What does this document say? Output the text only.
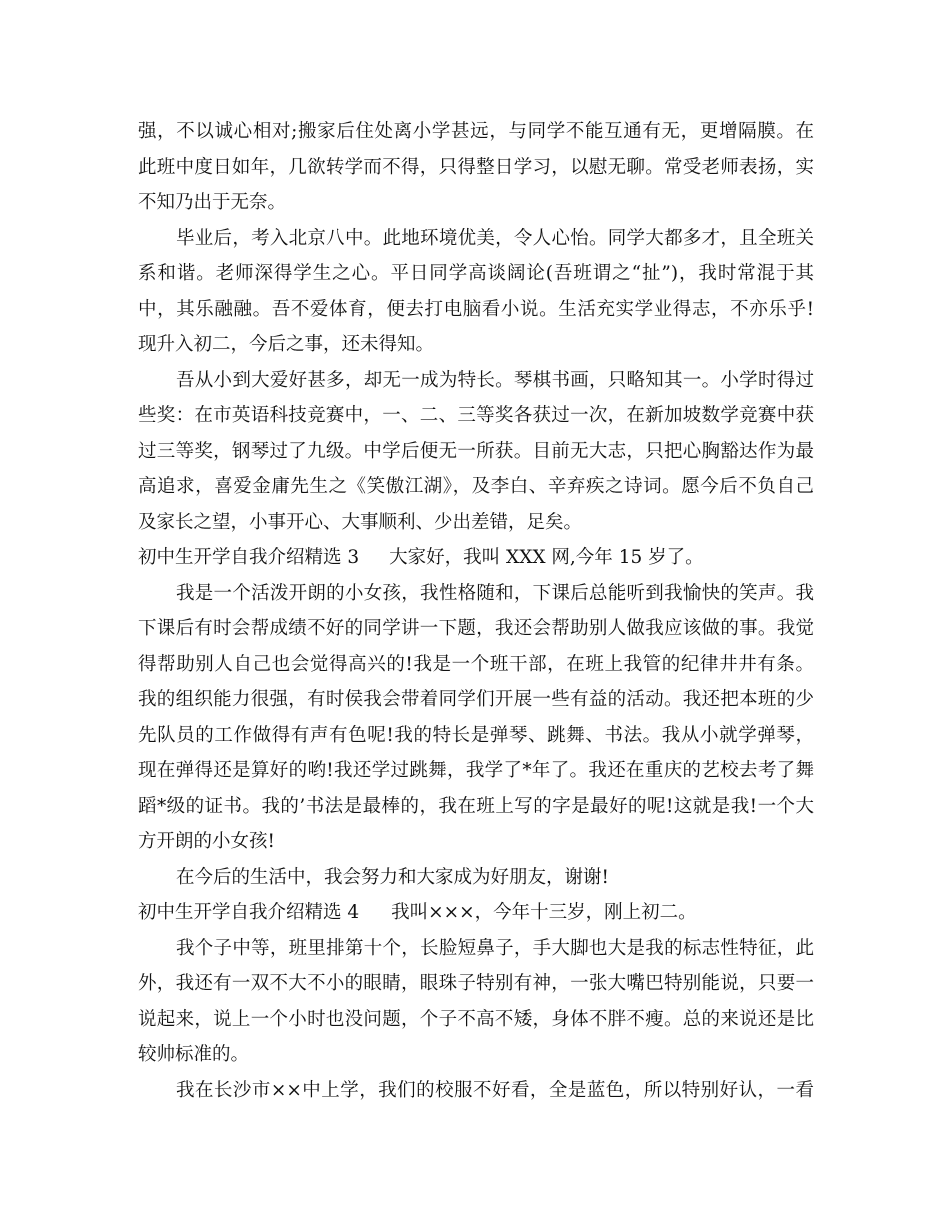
强，不以诚心相对;搬家后住处离小学甚远，与同学不能互通有无，更增隔膜。在
此班中度日如年，几欲转学而不得，只得整日学习，以慰无聊。常受老师表扬，实
不知乃出于无奈。
毕业后，考入北京八中。此地环境优美，令人心怡。同学大都多才，且全班关
系和谐。老师深得学生之心。平日同学高谈阔论(吾班谓之“扯”)，我时常混于其
中，其乐融融。吾不爱体育，便去打电脑看小说。生活充实学业得志，不亦乐乎!
现升入初二，今后之事，还未得知。
吾从小到大爱好甚多，却无一成为特长。琴棋书画，只略知其一。小学时得过
些奖：在市英语科技竞赛中，一、二、三等奖各获过一次，在新加坡数学竞赛中获
过三等奖，钢琴过了九级。中学后便无一所获。目前无大志，只把心胸豁达作为最
高追求，喜爱金庸先生之《笑傲江湖》，及李白、辛弃疾之诗词。愿今后不负自己
及家长之望，小事开心、大事顺利、少出差错，足矣。
初中生开学自我介绍精选 3 大家好，我叫 XXX 网,今年 15 岁了。
我是一个活泼开朗的小女孩，我性格随和，下课后总能听到我愉快的笑声。我
下课后有时会帮成绩不好的同学讲一下题，我还会帮助别人做我应该做的事。我觉
得帮助别人自己也会觉得高兴的!我是一个班干部，在班上我管的纪律井井有条。
我的组织能力很强，有时侯我会带着同学们开展一些有益的活动。我还把本班的少
先队员的工作做得有声有色呢!我的特长是弹琴、跳舞、书法。我从小就学弹琴，
现在弹得还是算好的哟!我还学过跳舞，我学了*年了。我还在重庆的艺校去考了舞
蹈*级的证书。我的’书法是最棒的，我在班上写的字是最好的呢!这就是我!一个大
方开朗的小女孩!
在今后的生活中，我会努力和大家成为好朋友，谢谢!
初中生开学自我介绍精选 4 我叫×××，今年十三岁，刚上初二。
我个子中等，班里排第十个，长脸短鼻子，手大脚也大是我的标志性特征，此
外，我还有一双不大不小的眼睛，眼珠子特别有神，一张大嘴巴特别能说，只要一
说起来，说上一个小时也没问题，个子不高不矮，身体不胖不瘦。总的来说还是比
较帅标准的。
我在长沙市××中上学，我们的校服不好看，全是蓝色，所以特别好认，一看
